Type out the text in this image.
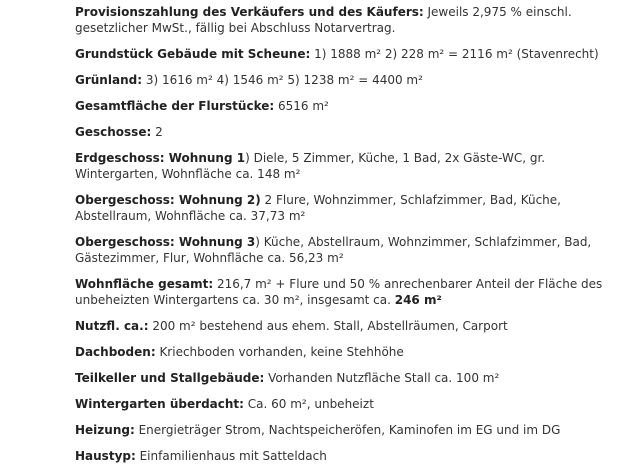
Provisionszahlung des Verkäufers und des Käufers: Jeweils 2,975 % einschl. gesetzlicher MwSt., fällig bei Abschluss Notarvertrag.
Grundstück Gebäude mit Scheune: 1) 1888 m² 2) 228 m² = 2116 m² (Stavenrecht)
Grünland: 3) 1616 m² 4) 1546 m² 5) 1238 m² = 4400 m²
Gesamtfläche der Flurstücke: 6516 m²
Geschosse: 2
Erdgeschoss: Wohnung 1) Diele, 5 Zimmer, Küche, 1 Bad, 2x Gäste-WC, gr. Wintergarten, Wohnfläche ca. 148 m²
Obergeschoss: Wohnung 2) 2 Flure, Wohnzimmer, Schlafzimmer, Bad, Küche, Abstellraum, Wohnfläche ca. 37,73 m²
Obergeschoss: Wohnung 3) Küche, Abstellraum, Wohnzimmer, Schlafzimmer, Bad, Gästezimmer, Flur, Wohnfläche ca. 56,23 m²
Wohnfläche gesamt: 216,7 m² + Flure und 50 % anrechenbarer Anteil der Fläche des unbeheizten Wintergartens ca. 30 m², insgesamt ca. 246 m²
Nutzfl. ca.: 200 m² bestehend aus ehem. Stall, Abstellräumen, Carport
Dachboden: Kriechboden vorhanden, keine Stehhöhe
Teilkeller und Stallgebäude: Vorhanden Nutzfläche Stall ca. 100 m²
Wintergarten überdacht: Ca. 60 m², unbeheizt
Heizung: Energieträger Strom, Nachtspeicheröfen, Kaminofen im EG und im DG
Haustyp: Einfamilienhaus mit Satteldach
